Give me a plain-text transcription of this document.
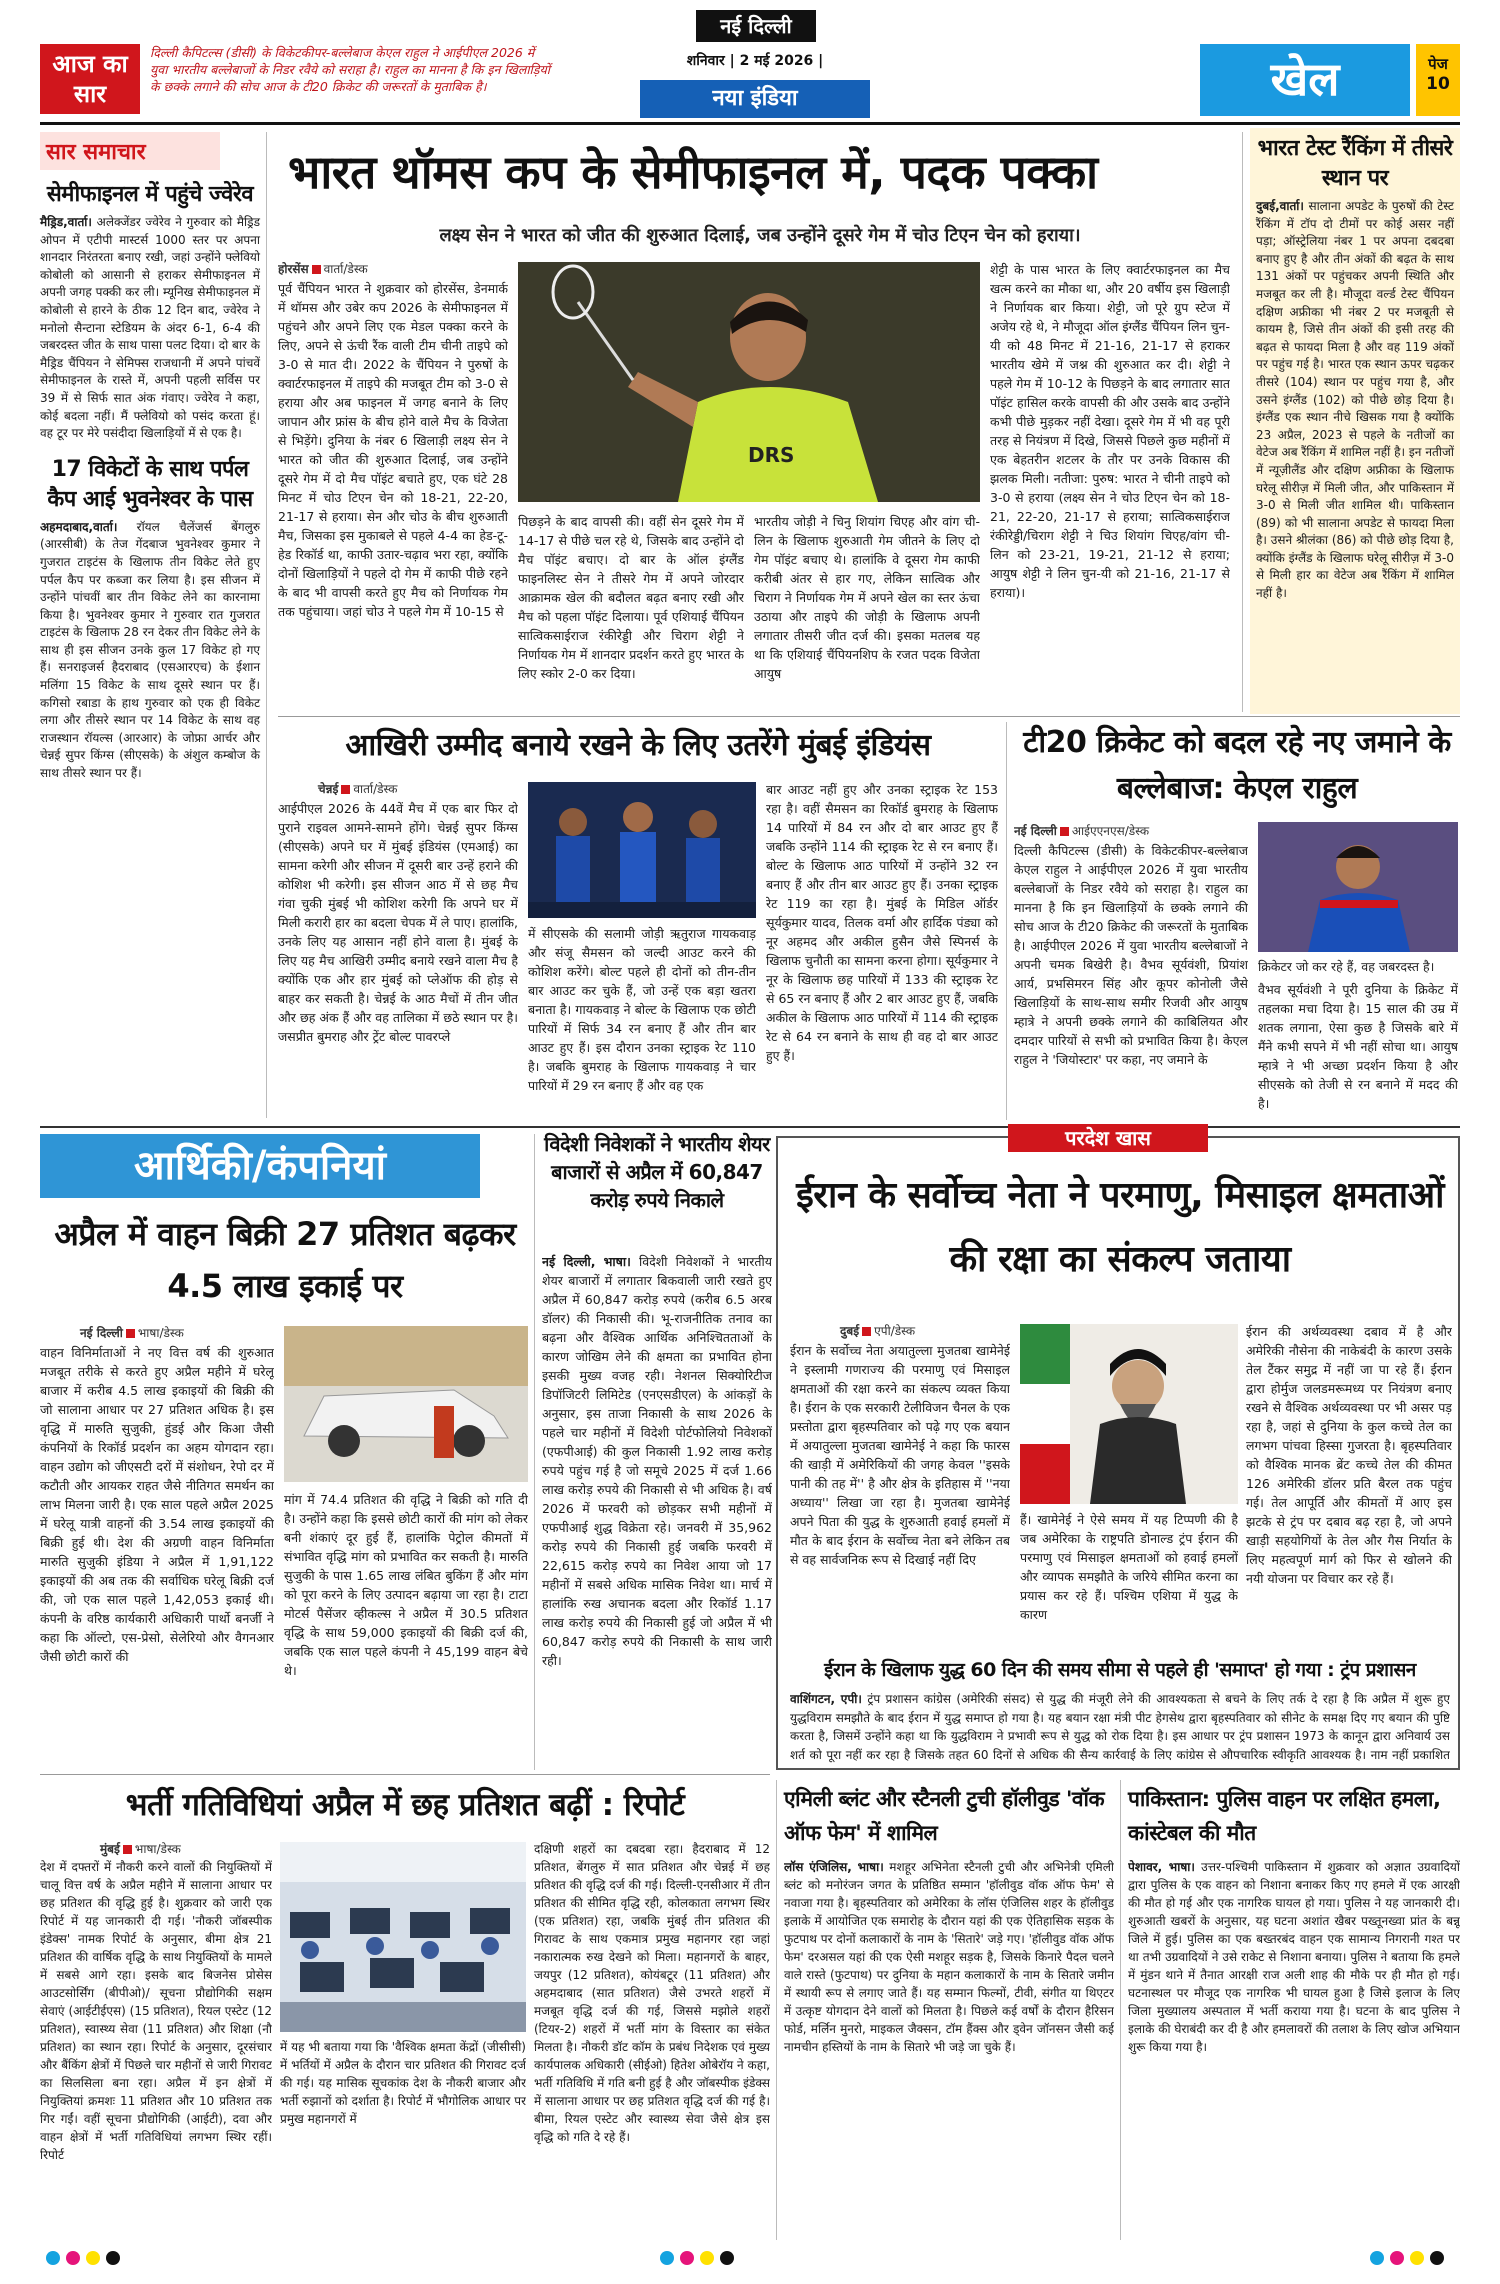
आज का सार
दिल्ली कैपिटल्स (डीसी) के विकेटकीपर-बल्लेबाज केएल राहुल ने आईपीएल 2026 में युवा भारतीय बल्लेबाजों के निडर रवैये को सराहा है। राहुल का मानना है कि इन खिलाड़ियों के छक्के लगाने की सोच आज के टी20 क्रिकेट की जरूरतों के मुताबिक है।
नई दिल्ली
शनिवार | 2 मई 2026 |
नया इंडिया	खेल	पेज
10
सार समाचार
सेमीफाइनल में पहुंचे ज्वेरेव
मैड्रिड,वार्ता। अलेक्जेंडर ज्वेरेव ने गुरुवार को मैड्रिड ओपन में एटीपी मास्टर्स 1000 स्तर पर अपना शानदार निरंतरता बनाए रखी, जहां उन्होंने फ्लेवियो कोबोली को आसानी से हराकर सेमीफाइनल में अपनी जगह पक्की कर ली। म्यूनिख सेमीफाइनल में कोबोली से हारने के ठीक 12 दिन बाद, ज्वेरेव ने मनोलो सैन्टाना स्टेडियम के अंदर 6-1, 6-4 की जबरदस्त जीत के साथ पासा पलट दिया। दो बार के मैड्रिड चैंपियन ने सेमिफ्स राजधानी में अपने पांचवें सेमीफाइनल के रास्ते में, अपनी पहली सर्विस पर 39 में से सिर्फ सात अंक गंवाए। ज्वेरेव ने कहा, कोई बदला नहीं। मैं फ्लेवियो को पसंद करता हूं। वह टूर पर मेरे पसंदीदा खिलाड़ियों में से एक है।
17 विकेटों के साथ पर्पल कैप आई भुवनेश्वर के पास
अहमदाबाद,वार्ता। रॉयल चैलेंजर्स बेंगलुरु (आरसीबी) के तेज गेंदबाज भुवनेश्वर कुमार ने गुजरात टाइटंस के खिलाफ तीन विकेट लेते हुए पर्पल कैप पर कब्जा कर लिया है। इस सीजन में उन्होंने पांचवीं बार तीन विकेट लेने का कारनामा किया है। भुवनेश्वर कुमार ने गुरुवार रात गुजरात टाइटंस के खिलाफ 28 रन देकर तीन विकेट लेने के साथ ही इस सीजन उनके कुल 17 विकेट हो गए हैं। सनराइजर्स हैदराबाद (एसआरएच) के ईशान मलिंगा 15 विकेट के साथ दूसरे स्थान पर हैं। कगिसो रबाडा के हाथ गुरुवार को एक ही विकेट लगा और तीसरे स्थान पर 14 विकेट के साथ वह राजस्थान रॉयल्स (आरआर) के जोफ्रा आर्चर और चेन्नई सुपर किंग्स (सीएसके) के अंशुल कम्बोज के साथ तीसरे स्थान पर हैं।
भारत थॉमस कप के सेमीफाइनल में, पदक पक्का
लक्ष्य सेन ने भारत को जीत की शुरुआत दिलाई, जब उन्होंने दूसरे गेम में चोउ टिएन चेन को हराया।
होरसेंस वार्ता/डेस्क
पूर्व चैंपियन भारत ने शुक्रवार को होरसेंस, डेनमार्क में थॉमस और उबेर कप 2026 के सेमीफाइनल में पहुंचने और अपने लिए एक मेडल पक्का करने के लिए, अपने से ऊंची रैंक वाली टीम चीनी ताइपे को 3-0 से मात दी। 2022 के चैंपियन ने पुरुषों के क्वार्टरफाइनल में ताइपे की मजबूत टीम को 3-0 से हराया और अब फाइनल में जगह बनाने के लिए जापान और फ्रांस के बीच होने वाले मैच के विजेता से भिड़ेंगे। दुनिया के नंबर 6 खिलाड़ी लक्ष्य सेन ने भारत को जीत की शुरुआत दिलाई, जब उन्होंने दूसरे गेम में दो मैच पॉइंट बचाते हुए, एक घंटे 28 मिनट में चोउ टिएन चेन को 18-21, 22-20, 21-17 से हराया। सेन और चोउ के बीच शुरुआती मैच, जिसका इस मुकाबले से पहले 4-4 का हेड-टू-हेड रिकॉर्ड था, काफी उतार-चढ़ाव भरा रहा, क्योंकि दोनों खिलाड़ियों ने पहले दो गेम में काफी पीछे रहने के बाद भी वापसी करते हुए मैच को निर्णायक गेम तक पहुंचाया। जहां चोउ ने पहले गेम में 10-15 से
DRS
पिछड़ने के बाद वापसी की। वहीं सेन दूसरे गेम में 14-17 से पीछे चल रहे थे, जिसके बाद उन्होंने दो मैच पॉइंट बचाए। दो बार के ऑल इंग्लैंड फाइनलिस्ट सेन ने तीसरे गेम में अपने जोरदार आक्रामक खेल की बदौलत बढ़त बनाए रखी और मैच को पहला पॉइंट दिलाया। पूर्व एशियाई चैंपियन सात्विकसाईराज रंकीरेड्डी और चिराग शेट्टी ने निर्णायक गेम में शानदार प्रदर्शन करते हुए भारत के लिए स्कोर 2-0 कर दिया।
भारतीय जोड़ी ने चिनु शियांग चिएह और वांग ची-लिन के खिलाफ शुरुआती गेम जीतने के लिए दो गेम पॉइंट बचाए थे। हालांकि वे दूसरा गेम काफी करीबी अंतर से हार गए, लेकिन सात्विक और चिराग ने निर्णायक गेम में अपने खेल का स्तर ऊंचा उठाया और ताइपे की जोड़ी के खिलाफ अपनी लगातार तीसरी जीत दर्ज की। इसका मतलब यह था कि एशियाई चैंपियनशिप के रजत पदक विजेता आयुष
शेट्टी के पास भारत के लिए क्वार्टरफाइनल का मैच खत्म करने का मौका था, और 20 वर्षीय इस खिलाड़ी ने निर्णायक बार किया। शेट्टी, जो पूरे ग्रुप स्टेज में अजेय रहे थे, ने मौजूदा ऑल इंग्लैंड चैंपियन लिन चुन-यी को 48 मिनट में 21-16, 21-17 से हराकर भारतीय खेमे में जश्न की शुरुआत कर दी। शेट्टी ने पहले गेम में 10-12 के पिछड़ने के बाद लगातार सात पॉइंट हासिल करके वापसी की और उसके बाद उन्होंने कभी पीछे मुड़कर नहीं देखा। दूसरे गेम में भी वह पूरी तरह से नियंत्रण में दिखे, जिससे पिछले कुछ महीनों में एक बेहतरीन शटलर के तौर पर उनके विकास की झलक मिली। नतीजा: पुरुष: भारत ने चीनी ताइपे को 3-0 से हराया (लक्ष्य सेन ने चोउ टिएन चेन को 18-21, 22-20, 21-17 से हराया; सात्विकसाईराज रंकीरेड्डी/चिराग शेट्टी ने चिउ शियांग चिएह/वांग ची-लिन को 23-21, 19-21, 21-12 से हराया; आयुष शेट्टी ने लिन चुन-यी को 21-16, 21-17 से हराया)।
भारत टेस्ट रैंकिंग में तीसरे स्थान पर
दुबई,वार्ता। सालाना अपडेट के पुरुषों की टेस्ट रैंकिंग में टॉप दो टीमों पर कोई असर नहीं पड़ा; ऑस्ट्रेलिया नंबर 1 पर अपना दबदबा बनाए हुए है और तीन अंकों की बढ़त के साथ 131 अंकों पर पहुंचकर अपनी स्थिति और मजबूत कर ली है। मौजूदा वर्ल्ड टेस्ट चैंपियन दक्षिण अफ्रीका भी नंबर 2 पर मजबूती से कायम है, जिसे तीन अंकों की इसी तरह की बढ़त से फायदा मिला है और वह 119 अंकों पर पहुंच गई है। भारत एक स्थान ऊपर चढ़कर तीसरे (104) स्थान पर पहुंच गया है, और उसने इंग्लैंड (102) को पीछे छोड़ दिया है। इंग्लैंड एक स्थान नीचे खिसक गया है क्योंकि 23 अप्रैल, 2023 से पहले के नतीजों का वेटेज अब रैंकिंग में शामिल नहीं है। इन नतीजों में न्यूज़ीलैंड और दक्षिण अफ्रीका के खिलाफ घरेलू सीरीज़ में मिली जीत, और पाकिस्तान में 3-0 से मिली जीत शामिल थी। पाकिस्तान (89) को भी सालाना अपडेट से फायदा मिला है। उसने श्रीलंका (86) को पीछे छोड़ दिया है, क्योंकि इंग्लैंड के खिलाफ घरेलू सीरीज़ में 3-0 से मिली हार का वेटेज अब रैंकिंग में शामिल नहीं है।
आखिरी उम्मीद बनाये रखने के लिए उतरेंगे मुंबई इंडियंस
चेन्नई वार्ता/डेस्क
आईपीएल 2026 के 44वें मैच में एक बार फिर दो पुराने राइवल आमने-सामने होंगे। चेन्नई सुपर किंग्स (सीएसके) अपने घर में मुंबई इंडियंस (एमआई) का सामना करेगी और सीजन में दूसरी बार उन्हें हराने की कोशिश भी करेगी। इस सीजन आठ में से छह मैच गंवा चुकी मुंबई भी कोशिश करेगी कि अपने घर में मिली करारी हार का बदला चेपक में ले पाए। हालांकि, उनके लिए यह आसान नहीं होने वाला है। मुंबई के लिए यह मैच आखिरी उम्मीद बनाये रखने वाला मैच है क्योंकि एक और हार मुंबई को प्लेऑफ की होड़ से बाहर कर सकती है। चेन्नई के आठ मैचों में तीन जीत और छह अंक हैं और वह तालिका में छठे स्थान पर है। जसप्रीत बुमराह और ट्रेंट बोल्ट पावरप्ले
में सीएसके की सलामी जोड़ी ऋतुराज गायकवाड़ और संजू सैमसन को जल्दी आउट करने की कोशिश करेंगे। बोल्ट पहले ही दोनों को तीन-तीन बार आउट कर चुके हैं, जो उन्हें एक बड़ा खतरा बनाता है। गायकवाड़ ने बोल्ट के खिलाफ एक छोटी पारियों में सिर्फ 34 रन बनाए हैं और तीन बार आउट हुए हैं। इस दौरान उनका स्ट्राइक रेट 110 है। जबकि बुमराह के खिलाफ गायकवाड़ ने चार पारियों में 29 रन बनाए हैं और वह एक
बार आउट नहीं हुए और उनका स्ट्राइक रेट 153 रहा है। वहीं सैमसन का रिकॉर्ड बुमराह के खिलाफ 14 पारियों में 84 रन और दो बार आउट हुए हैं जबकि उन्होंने 114 की स्ट्राइक रेट से रन बनाए हैं। बोल्ट के खिलाफ आठ पारियों में उन्होंने 32 रन बनाए हैं और तीन बार आउट हुए हैं। उनका स्ट्राइक रेट 119 का रहा है। मुंबई के मिडिल ऑर्डर सूर्यकुमार यादव, तिलक वर्मा और हार्दिक पंड्या को नूर अहमद और अकील हुसैन जैसे स्पिनर्स के खिलाफ चुनौती का सामना करना होगा। सूर्यकुमार ने नूर के खिलाफ छह पारियों में 133 की स्ट्राइक रेट से 65 रन बनाए हैं और 2 बार आउट हुए हैं, जबकि अकील के खिलाफ आठ पारियों में 114 की स्ट्राइक रेट से 64 रन बनाने के साथ ही वह दो बार आउट हुए हैं।
टी20 क्रिकेट को बदल रहे नए जमाने के बल्लेबाज: केएल राहुल
नई दिल्ली आईएएनएस/डेस्क
दिल्ली कैपिटल्स (डीसी) के विकेटकीपर-बल्लेबाज केएल राहुल ने आईपीएल 2026 में युवा भारतीय बल्लेबाजों के निडर रवैये को सराहा है। राहुल का मानना है कि इन खिलाड़ियों के छक्के लगाने की सोच आज के टी20 क्रिकेट की जरूरतों के मुताबिक है। आईपीएल 2026 में युवा भारतीय बल्लेबाजों ने अपनी चमक बिखेरी है। वैभव सूर्यवंशी, प्रियांश आर्य, प्रभसिमरन सिंह और कूपर कोनोली जैसे खिलाड़ियों के साथ-साथ समीर रिजवी और आयुष म्हात्रे ने अपनी छक्के लगाने की काबिलियत और दमदार पारियों से सभी को प्रभावित किया है। केएल राहुल ने 'जियोस्टार' पर कहा, नए जमाने के
क्रिकेटर जो कर रहे हैं, वह जबरदस्त है।
वैभव सूर्यवंशी ने पूरी दुनिया के क्रिकेट में तहलका मचा दिया है। 15 साल की उम्र में शतक लगाना, ऐसा कुछ है जिसके बारे में मैंने कभी सपने में भी नहीं सोचा था। आयुष म्हात्रे ने भी अच्छा प्रदर्शन किया है और सीएसके को तेजी से रन बनाने में मदद की है।
आर्थिकी/कंपनियां
अप्रैल में वाहन बिक्री 27 प्रतिशत बढ़कर 4.5 लाख इकाई पर
नई दिल्ली भाषा/डेस्क
वाहन विनिर्माताओं ने नए वित्त वर्ष की शुरुआत मजबूत तरीके से करते हुए अप्रैल महीने में घरेलू बाजार में करीब 4.5 लाख इकाइयों की बिक्री की जो सालाना आधार पर 27 प्रतिशत अधिक है। इस वृद्धि में मारुति सुजुकी, हुंडई और किआ जैसी कंपनियों के रिकॉर्ड प्रदर्शन का अहम योगदान रहा। वाहन उद्योग को जीएसटी दरों में संशोधन, रेपो दर में कटौती और आयकर राहत जैसे नीतिगत समर्थन का लाभ मिलना जारी है। एक साल पहले अप्रैल 2025 में घरेलू यात्री वाहनों की 3.54 लाख इकाइयों की बिक्री हुई थी। देश की अग्रणी वाहन विनिर्माता मारुति सुजुकी इंडिया ने अप्रैल में 1,91,122 इकाइयों की अब तक की सर्वाधिक घरेलू बिक्री दर्ज की, जो एक साल पहले 1,42,053 इकाई थी। कंपनी के वरिष्ठ कार्यकारी अधिकारी पार्थो बनर्जी ने कहा कि ऑल्टो, एस-प्रेसो, सेलेरियो और वैगनआर जैसी छोटी कारों की
मांग में 74.4 प्रतिशत की वृद्धि ने बिक्री को गति दी है। उन्होंने कहा कि इससे छोटी कारों की मांग को लेकर बनी शंकाएं दूर हुई हैं, हालांकि पेट्रोल कीमतों में संभावित वृद्धि मांग को प्रभावित कर सकती है। मारुति सुजुकी के पास 1.65 लाख लंबित बुकिंग हैं और मांग को पूरा करने के लिए उत्पादन बढ़ाया जा रहा है। टाटा मोटर्स पैसेंजर व्हीकल्स ने अप्रैल में 30.5 प्रतिशत वृद्धि के साथ 59,000 इकाइयों की बिक्री दर्ज की, जबकि एक साल पहले कंपनी ने 45,199 वाहन बेचे थे।
विदेशी निवेशकों ने भारतीय शेयर बाजारों से अप्रैल में 60,847 करोड़ रुपये निकाले
नई दिल्ली, भाषा। विदेशी निवेशकों ने भारतीय शेयर बाजारों में लगातार बिकवाली जारी रखते हुए अप्रैल में 60,847 करोड़ रुपये (करीब 6.5 अरब डॉलर) की निकासी की। भू-राजनीतिक तनाव का बढ़ना और वैश्विक आर्थिक अनिश्चितताओं के कारण जोखिम लेने की क्षमता का प्रभावित होना इसकी मुख्य वजह रही। नेशनल सिक्योरिटीज डिपॉजिटरी लिमिटेड (एनएसडीएल) के आंकड़ों के अनुसार, इस ताजा निकासी के साथ 2026 के पहले चार महीनों में विदेशी पोर्टफोलियो निवेशकों (एफपीआई) की कुल निकासी 1.92 लाख करोड़ रुपये पहुंच गई है जो समूचे 2025 में दर्ज 1.66 लाख करोड़ रुपये की निकासी से भी अधिक है। वर्ष 2026 में फरवरी को छोड़कर सभी महीनों में एफपीआई शुद्ध विक्रेता रहे। जनवरी में 35,962 करोड़ रुपये की निकासी हुई जबकि फरवरी में 22,615 करोड़ रुपये का निवेश आया जो 17 महीनों में सबसे अधिक मासिक निवेश था। मार्च में हालांकि रुख अचानक बदला और रिकॉर्ड 1.17 लाख करोड़ रुपये की निकासी हुई जो अप्रैल में भी 60,847 करोड़ रुपये की निकासी के साथ जारी रही।
परदेश खास
ईरान के सर्वोच्च नेता ने परमाणु, मिसाइल क्षमताओं की रक्षा का संकल्प जताया
दुबई एपी/डेस्क
ईरान के सर्वोच्च नेता अयातुल्ला मुजतबा खामेनेई ने इस्लामी गणराज्य की परमाणु एवं मिसाइल क्षमताओं की रक्षा करने का संकल्प व्यक्त किया है। ईरान के एक सरकारी टेलीविजन चैनल के एक प्रस्तोता द्वारा बृहस्पतिवार को पढ़े गए एक बयान में अयातुल्ला मुजतबा खामेनेई ने कहा कि फारस की खाड़ी में अमेरिकियों की जगह केवल ''इसके पानी की तह में'' है और क्षेत्र के इतिहास में ''नया अध्याय'' लिखा जा रहा है। मुजतबा खामेनेई अपने पिता की युद्ध के शुरुआती हवाई हमलों में मौत के बाद ईरान के सर्वोच्च नेता बने लेकिन तब से वह सार्वजनिक रूप से दिखाई नहीं दिए
हैं। खामेनेई ने ऐसे समय में यह टिप्पणी की है जब अमेरिका के राष्ट्रपति डोनाल्ड ट्रंप ईरान की परमाणु एवं मिसाइल क्षमताओं को हवाई हमलों और व्यापक समझौते के जरिये सीमित करना का प्रयास कर रहे हैं। पश्चिम एशिया में युद्ध के कारण
ईरान की अर्थव्यवस्था दबाव में है और अमेरिकी नौसेना की नाकेबंदी के कारण उसके तेल टैंकर समुद्र में नहीं जा पा रहे हैं। ईरान द्वारा होर्मुज जलडमरूमध्य पर नियंत्रण बनाए रखने से वैश्विक अर्थव्यवस्था पर भी असर पड़ रहा है, जहां से दुनिया के कुल कच्चे तेल का लगभग पांचवा हिस्सा गुजरता है। बृहस्पतिवार को वैश्विक मानक ब्रेंट कच्चे तेल की कीमत 126 अमेरिकी डॉलर प्रति बैरल तक पहुंच गई। तेल आपूर्ति और कीमतों में आए इस झटके से ट्रंप पर दबाव बढ़ रहा है, जो अपने खाड़ी सहयोगियों के तेल और गैस निर्यात के लिए महत्वपूर्ण मार्ग को फिर से खोलने की नयी योजना पर विचार कर रहे हैं।
ईरान के खिलाफ युद्ध 60 दिन की समय सीमा से पहले ही 'समाप्त' हो गया : ट्रंप प्रशासन
वाशिंगटन, एपी। ट्रंप प्रशासन कांग्रेस (अमेरिकी संसद) से युद्ध की मंजूरी लेने की आवश्यकता से बचने के लिए तर्क दे रहा है कि अप्रैल में शुरू हुए युद्धविराम समझौते के बाद ईरान में युद्ध समाप्त हो गया है। यह बयान रक्षा मंत्री पीट हेगसेथ द्वारा बृहस्पतिवार को सीनेट के समक्ष दिए गए बयान की पुष्टि करता है, जिसमें उन्होंने कहा था कि युद्धविराम ने प्रभावी रूप से युद्ध को रोक दिया है। इस आधार पर ट्रंप प्रशासन 1973 के कानून द्वारा अनिवार्य उस शर्त को पूरा नहीं कर रहा है जिसके तहत 60 दिनों से अधिक की सैन्य कार्रवाई के लिए कांग्रेस से औपचारिक स्वीकृति आवश्यक है। नाम नहीं प्रकाशित
भर्ती गतिविधियां अप्रैल में छह प्रतिशत बढ़ीं : रिपोर्ट
मुंबई भाषा/डेस्क
देश में दफ्तरों में नौकरी करने वालों की नियुक्तियों में चालू वित्त वर्ष के अप्रैल महीने में सालाना आधार पर छह प्रतिशत की वृद्धि हुई है। शुक्रवार को जारी एक रिपोर्ट में यह जानकारी दी गई। 'नौकरी जॉबस्पीक इंडेक्स' नामक रिपोर्ट के अनुसार, बीमा क्षेत्र 21 प्रतिशत की वार्षिक वृद्धि के साथ नियुक्तियों के मामले में सबसे आगे रहा। इसके बाद बिजनेस प्रोसेस आउटसोर्सिंग (बीपीओ)/ सूचना प्रौद्योगिकी सक्षम सेवाएं (आईटीईएस) (15 प्रतिशत), रियल एस्टेट (12 प्रतिशत), स्वास्थ्य सेवा (11 प्रतिशत) और शिक्षा (नौ प्रतिशत) का स्थान रहा। रिपोर्ट के अनुसार, दूरसंचार और बैंकिंग क्षेत्रों में पिछले चार महीनों से जारी गिरावट का सिलसिला बना रहा। अप्रैल में इन क्षेत्रों में नियुक्तियां क्रमशः 11 प्रतिशत और 10 प्रतिशत तक गिर गईं। वहीं सूचना प्रौद्योगिकी (आईटी), दवा और वाहन क्षेत्रों में भर्ती गतिविधियां लगभग स्थिर रहीं। रिपोर्ट
में यह भी बताया गया कि 'वैश्विक क्षमता केंद्रों (जीसीसी) में भर्तियों में अप्रैल के दौरान चार प्रतिशत की गिरावट दर्ज की गई। यह मासिक सूचकांक देश के नौकरी बाजार और भर्ती रुझानों को दर्शाता है। रिपोर्ट में भौगोलिक आधार पर प्रमुख महानगरों में
दक्षिणी शहरों का दबदबा रहा। हैदराबाद में 12 प्रतिशत, बेंगलुरु में सात प्रतिशत और चेन्नई में छह प्रतिशत की वृद्धि दर्ज की गई। दिल्ली-एनसीआर में तीन प्रतिशत की सीमित वृद्धि रही, कोलकाता लगभग स्थिर (एक प्रतिशत) रहा, जबकि मुंबई तीन प्रतिशत की गिरावट के साथ एकमात्र प्रमुख महानगर रहा जहां नकारात्मक रुख देखने को मिला। महानगरों के बाहर, जयपुर (12 प्रतिशत), कोयंबटूर (11 प्रतिशत) और अहमदाबाद (सात प्रतिशत) जैसे उभरते शहरों में मजबूत वृद्धि दर्ज की गई, जिससे मझोले शहरों (टियर-2) शहरों में भर्ती मांग के विस्तार का संकेत मिलता है। नौकरी डॉट कॉम के प्रबंध निदेशक एवं मुख्य कार्यपालक अधिकारी (सीईओ) हितेश ओबेरॉय ने कहा, भर्ती गतिविधि में गति बनी हुई है और जॉबस्पीक इंडेक्स में सालाना आधार पर छह प्रतिशत वृद्धि दर्ज की गई है। बीमा, रियल एस्टेट और स्वास्थ्य सेवा जैसे क्षेत्र इस वृद्धि को गति दे रहे हैं।
एमिली ब्लंट और स्टैनली टुची हॉलीवुड 'वॉक ऑफ फेम' में शामिल
लॉस एंजिलिस, भाषा। मशहूर अभिनेता स्टैनली टुची और अभिनेत्री एमिली ब्लंट को मनोरंजन जगत के प्रतिष्ठित सम्मान 'हॉलीवुड वॉक ऑफ फेम' से नवाजा गया है। बृहस्पतिवार को अमेरिका के लॉस एंजिलिस शहर के हॉलीवुड इलाके में आयोजित एक समारोह के दौरान यहां की एक ऐतिहासिक सड़क के फुटपाथ पर दोनों कलाकारों के नाम के 'सितारे' जड़े गए। 'हॉलीवुड वॉक ऑफ फेम' दरअसल यहां की एक ऐसी मशहूर सड़क है, जिसके किनारे पैदल चलने वाले रास्ते (फुटपाथ) पर दुनिया के महान कलाकारों के नाम के सितारे जमीन में स्थायी रूप से लगाए जाते हैं। यह सम्मान फिल्मों, टीवी, संगीत या थिएटर में उत्कृष्ट योगदान देने वालों को मिलता है। पिछले कई वर्षों के दौरान हैरिसन फोर्ड, मर्लिन मुनरो, माइकल जैक्सन, टॉम हैंक्स और ड्वेन जॉनसन जैसी कई नामचीन हस्तियों के नाम के सितारे भी जड़े जा चुके हैं।
पाकिस्तान: पुलिस वाहन पर लक्षित हमला, कांस्टेबल की मौत
पेशावर, भाषा। उत्तर-पश्चिमी पाकिस्तान में शुक्रवार को अज्ञात उग्रवादियों द्वारा पुलिस के एक वाहन को निशाना बनाकर किए गए हमले में एक आरक्षी की मौत हो गई और एक नागरिक घायल हो गया। पुलिस ने यह जानकारी दी। शुरुआती खबरों के अनुसार, यह घटना अशांत खैबर पख्तूनख्वा प्रांत के बन्नू जिले में हुई। पुलिस का एक बख्तरबंद वाहन एक सामान्य निगरानी गश्त पर था तभी उग्रवादियों ने उसे राकेट से निशाना बनाया। पुलिस ने बताया कि हमले में मुंडन थाने में तैनात आरक्षी राज अली शाह की मौके पर ही मौत हो गई। घटनास्थल पर मौजूद एक नागरिक भी घायल हुआ है जिसे इलाज के लिए जिला मुख्यालय अस्पताल में भर्ती कराया गया है। घटना के बाद पुलिस ने इलाके की घेराबंदी कर दी है और हमलावरों की तलाश के लिए खोज अभियान शुरू किया गया है।
